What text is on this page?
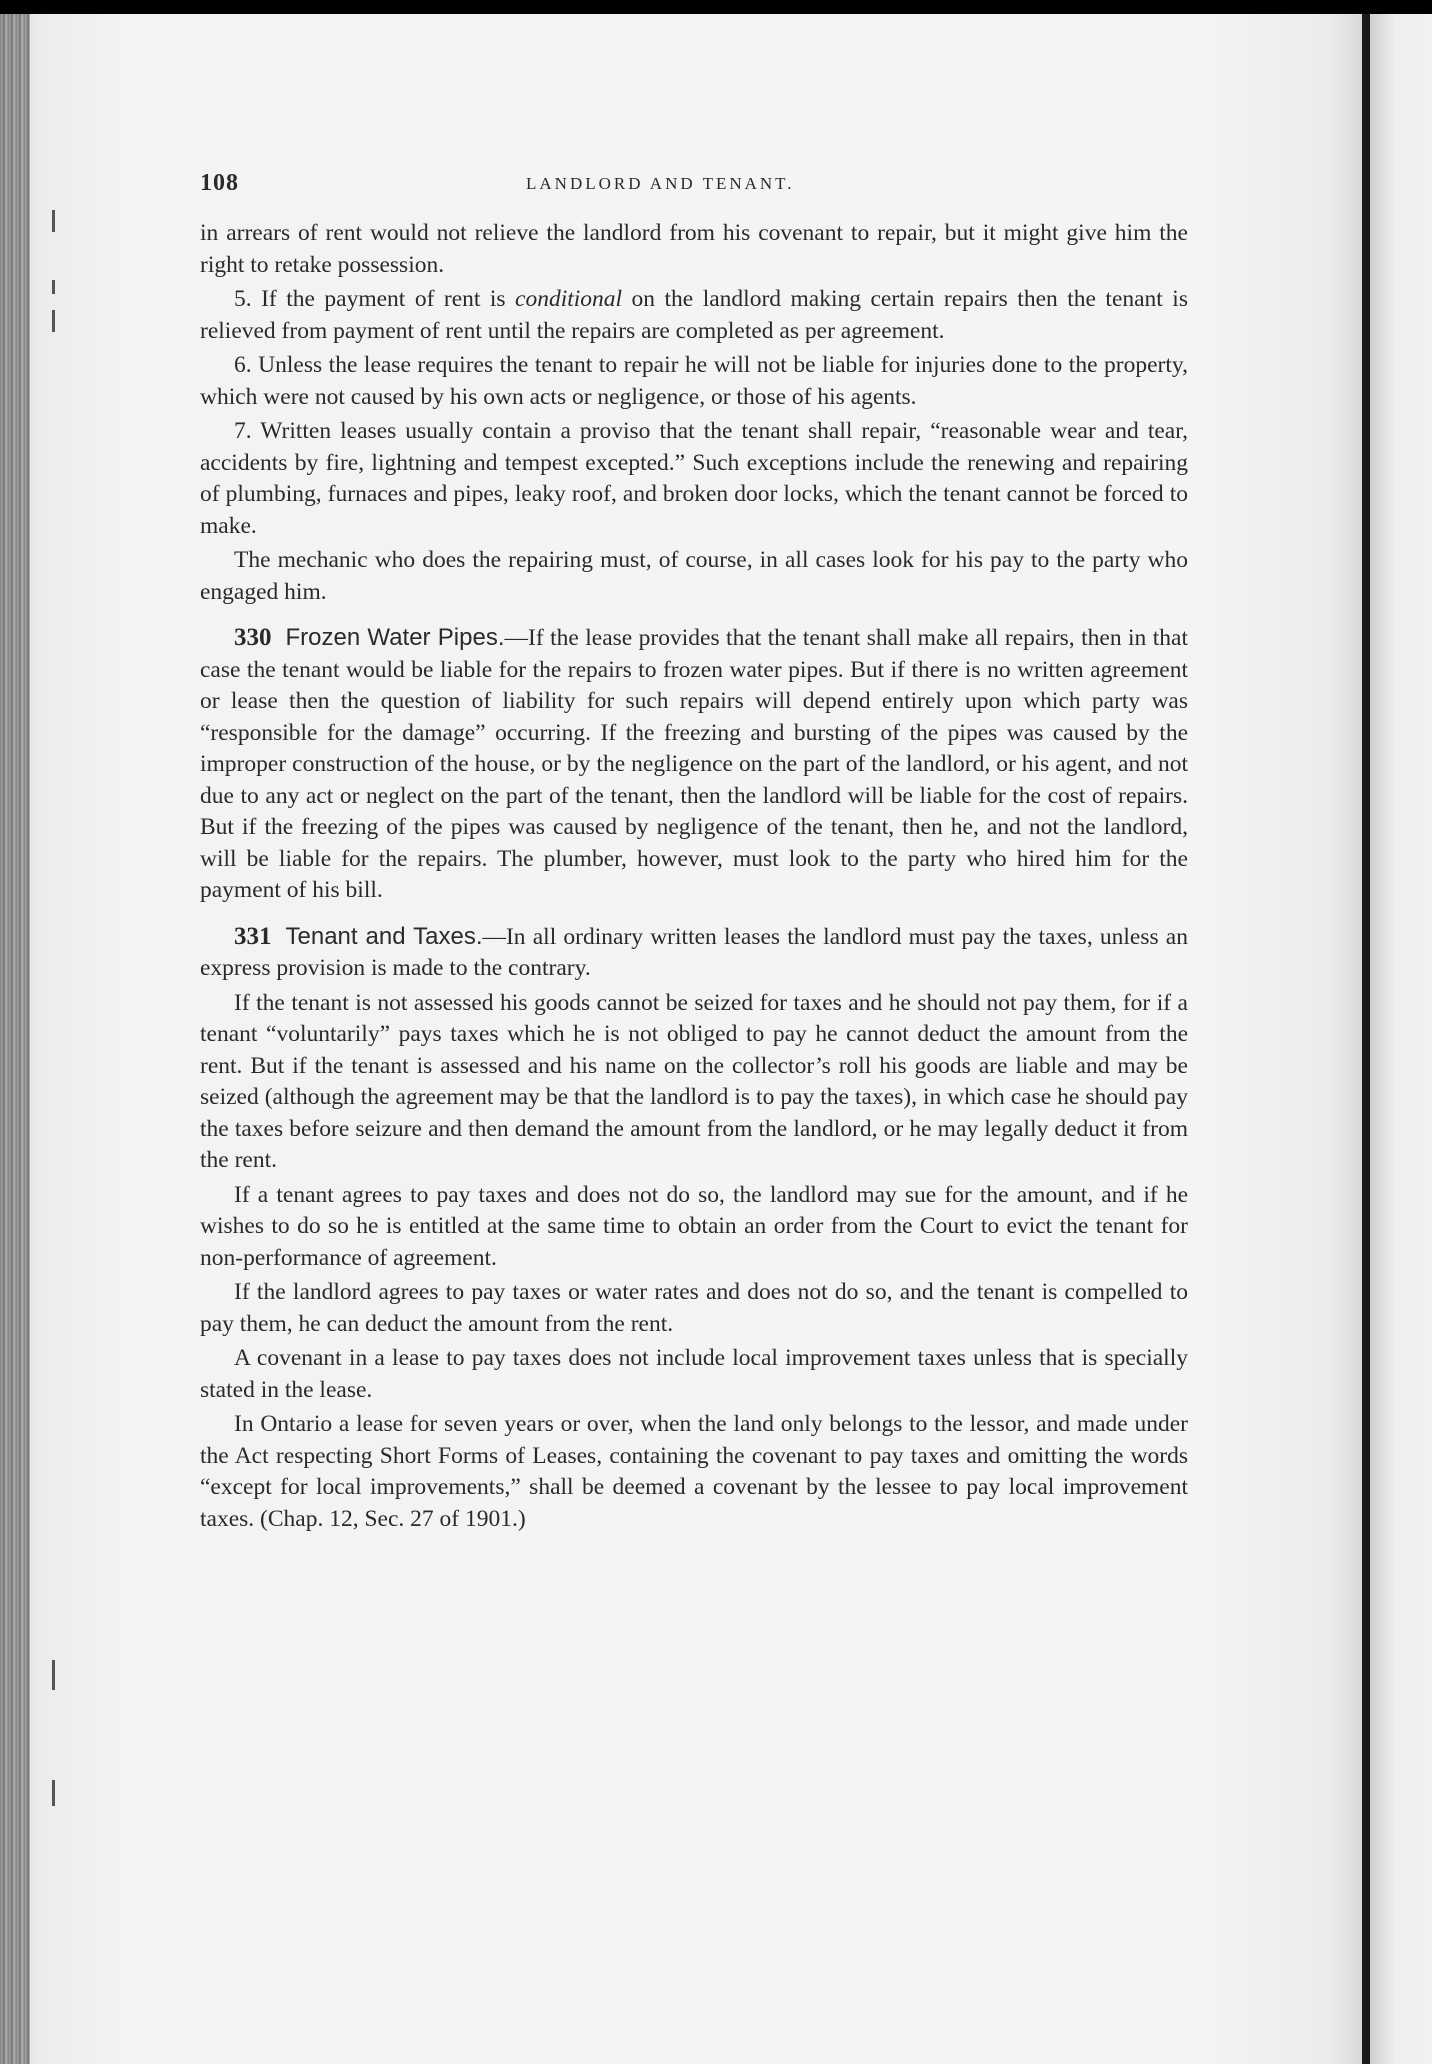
108	LANDLORD AND TENANT.

in arrears of rent would not relieve the landlord from his covenant to repair, but it might give him the right to retake possession.

5. If the payment of rent is conditional on the landlord making certain repairs then the tenant is relieved from payment of rent until the repairs are completed as per agreement.

6. Unless the lease requires the tenant to repair he will not be liable for injuries done to the property, which were not caused by his own acts or negligence, or those of his agents.

7. Written leases usually contain a proviso that the tenant shall repair, “reasonable wear and tear, accidents by fire, lightning and tempest excepted.” Such exceptions include the renewing and repairing of plumbing, furnaces and pipes, leaky roof, and broken door locks, which the tenant cannot be forced to make.

The mechanic who does the repairing must, of course, in all cases look for his pay to the party who engaged him.

330 Frozen Water Pipes.—If the lease provides that the tenant shall make all repairs, then in that case the tenant would be liable for the repairs to frozen water pipes. But if there is no written agreement or lease then the question of liability for such repairs will depend entirely upon which party was “responsible for the damage” occurring. If the freezing and bursting of the pipes was caused by the improper construction of the house, or by the negligence on the part of the landlord, or his agent, and not due to any act or neglect on the part of the tenant, then the landlord will be liable for the cost of repairs. But if the freezing of the pipes was caused by negligence of the tenant, then he, and not the landlord, will be liable for the repairs. The plumber, however, must look to the party who hired him for the payment of his bill.

331 Tenant and Taxes.—In all ordinary written leases the landlord must pay the taxes, unless an express provision is made to the contrary.

If the tenant is not assessed his goods cannot be seized for taxes and he should not pay them, for if a tenant “voluntarily” pays taxes which he is not obliged to pay he cannot deduct the amount from the rent. But if the tenant is assessed and his name on the collector’s roll his goods are liable and may be seized (although the agreement may be that the landlord is to pay the taxes), in which case he should pay the taxes before seizure and then demand the amount from the landlord, or he may legally deduct it from the rent.

If a tenant agrees to pay taxes and does not do so, the landlord may sue for the amount, and if he wishes to do so he is entitled at the same time to obtain an order from the Court to evict the tenant for non-performance of agreement.

If the landlord agrees to pay taxes or water rates and does not do so, and the tenant is compelled to pay them, he can deduct the amount from the rent.

A covenant in a lease to pay taxes does not include local improvement taxes unless that is specially stated in the lease.

In Ontario a lease for seven years or over, when the land only belongs to the lessor, and made under the Act respecting Short Forms of Leases, containing the covenant to pay taxes and omitting the words “except for local improvements,” shall be deemed a covenant by the lessee to pay local improvement taxes. (Chap. 12, Sec. 27 of 1901.)
